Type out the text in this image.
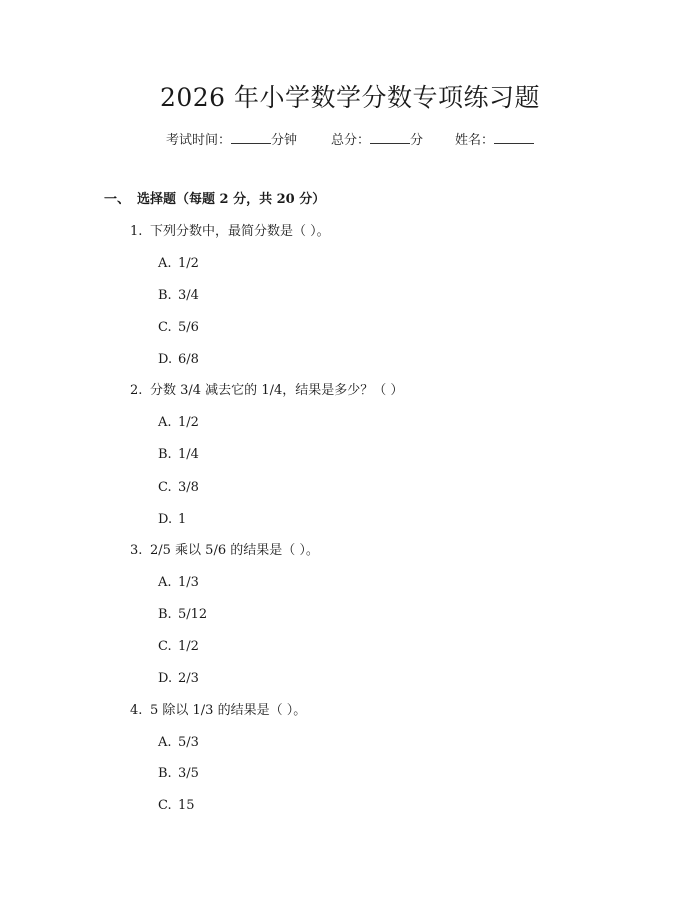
2026 年小学数学分数专项练习题
考试时间：	分钟	总分：	分 姓名：
一、 选择题（每题 2 分，共 20 分）
1. 下列分数中，最简分数是（ ）。
A. 1/2
B. 3/4
C. 5/6
D. 6/8
2. 分数 3/4 减去它的 1/4，结果是多少？（ ）
A. 1/2
B. 1/4
C. 3/8
D. 1
3. 2/5 乘以 5/6 的结果是（ ）。
A. 1/3
B. 5/12
C. 1/2
D. 2/3
4. 5 除以 1/3 的结果是（ ）。
A. 5/3
B. 3/5
C. 15
